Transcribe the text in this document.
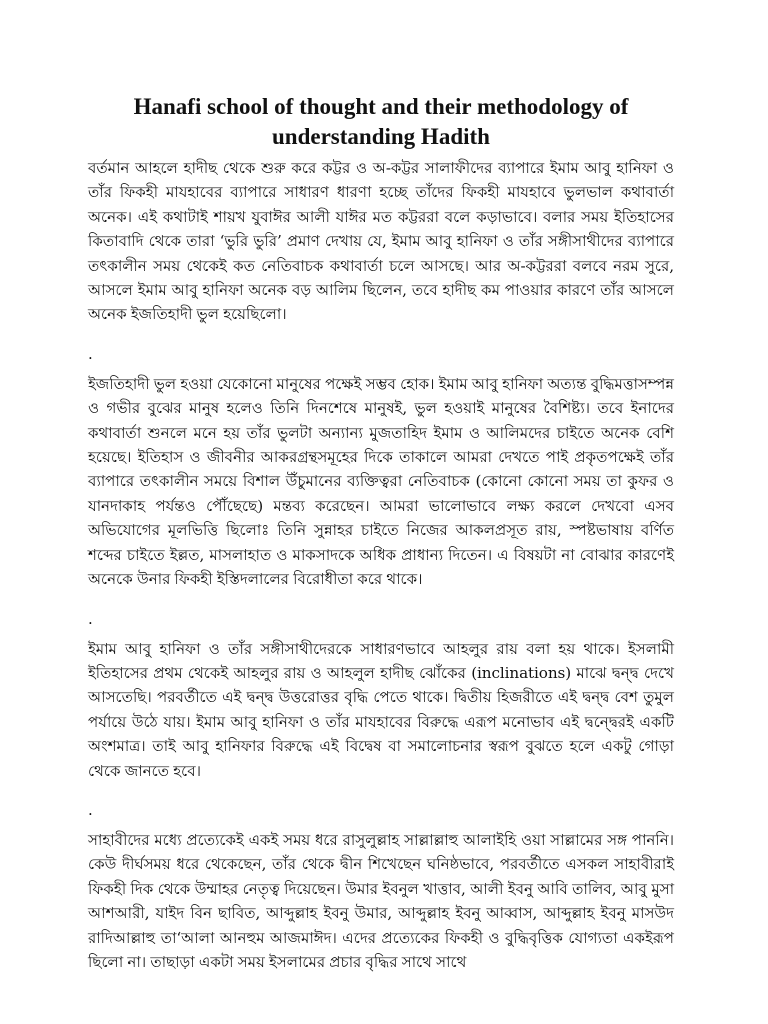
Hanafi school of thought and their methodology of understanding Hadith

বর্তমান আহলে হাদীছ থেকে শুরু করে কট্টর ও অ-কট্টর সালাফীদের ব্যাপারে ইমাম আবু হানিফা ও তাঁর ফিকহী মাযহাবের ব্যাপারে সাধারণ ধারণা হচ্ছে তাঁদের ফিকহী মাযহাবে ভুলভাল কথাবার্তা অনেক। এই কথাটাই শায়খ যুবাঈর আলী যাঈর মত কট্টররা বলে কড়াভাবে। বলার সময় ইতিহাসের কিতাবাদি থেকে তারা ‘ভুরি ভুরি’ প্রমাণ দেখায় যে, ইমাম আবু হানিফা ও তাঁর সঙ্গীসাথীদের ব্যাপারে তৎকালীন সময় থেকেই কত নেতিবাচক কথাবার্তা চলে আসছে। আর অ-কট্টররা বলবে নরম সুরে, আসলে ইমাম আবু হানিফা অনেক বড় আলিম ছিলেন, তবে হাদীছ কম পাওয়ার কারণে তাঁর আসলে অনেক ইজতিহাদী ভুল হয়েছিলো।

.

ইজতিহাদী ভুল হওয়া যেকোনো মানুষের পক্ষেই সম্ভব হোক। ইমাম আবু হানিফা অত্যন্ত বুদ্ধিমত্তাসম্পন্ন ও গভীর বুঝের মানুষ হলেও তিনি দিনশেষে মানুষই, ভুল হওয়াই মানুষের বৈশিষ্ট্য। তবে ইনাদের কথাবার্তা শুনলে মনে হয় তাঁর ভুলটা অন্যান্য মুজতাহিদ ইমাম ও আলিমদের চাইতে অনেক বেশি হয়েছে। ইতিহাস ও জীবনীর আকরগ্রন্থসমূহের দিকে তাকালে আমরা দেখতে পাই প্রকৃতপক্ষেই তাঁর ব্যাপারে তৎকালীন সময়ে বিশাল উঁচুমানের ব্যক্তিত্বরা নেতিবাচক (কোনো কোনো সময় তা কুফর ও যানদাকাহ পর্যন্তও পৌঁছেছে) মন্তব্য করেছেন। আমরা ভালোভাবে লক্ষ্য করলে দেখবো এসব অভিযোগের মূলভিত্তি ছিলোঃ তিনি সুন্নাহর চাইতে নিজের আকলপ্রসূত রায়, স্পষ্টভাষায় বর্ণিত শব্দের চাইতে ইল্লত, মাসলাহাত ও মাকসাদকে অধিক প্রাধান্য দিতেন। এ বিষয়টা না বোঝার কারণেই অনেকে উনার ফিকহী ইস্তিদলালের বিরোধীতা করে থাকে।

.

ইমাম আবু হানিফা ও তাঁর সঙ্গীসাথীদেরকে সাধারণভাবে আহলুর রায় বলা হয় থাকে। ইসলামী ইতিহাসের প্রথম থেকেই আহলুর রায় ও আহলুল হাদীছ ঝোঁকের (inclinations) মাঝে দ্বন্দ্ব দেখে আসতেছি। পরবর্তীতে এই দ্বন্দ্ব উত্তরোত্তর বৃদ্ধি পেতে থাকে। দ্বিতীয় হিজরীতে এই দ্বন্দ্ব বেশ তুমুল পর্যায়ে উঠে যায়। ইমাম আবু হানিফা ও তাঁর মাযহাবের বিরুদ্ধে এরূপ মনোভাব এই দ্বন্দ্বেরই একটি অংশমাত্র। তাই আবু হানিফার বিরুদ্ধে এই বিদ্বেষ বা সমালোচনার স্বরূপ বুঝতে হলে একটু গোড়া থেকে জানতে হবে।

.

সাহাবীদের মধ্যে প্রত্যেকেই একই সময় ধরে রাসুলুল্লাহ সাল্লাল্লাহু আলাইহি ওয়া সাল্লামের সঙ্গ পাননি। কেউ দীর্ঘসময় ধরে থেকেছেন, তাঁর থেকে দ্বীন শিখেছেন ঘনিষ্ঠভাবে, পরবর্তীতে এসকল সাহাবীরাই ফিকহী দিক থেকে উম্মাহর নেতৃত্ব দিয়েছেন। উমার ইবনুল খাত্তাব, আলী ইবনু আবি তালিব, আবু মুসা আশআরী, যাইদ বিন ছাবিত, আব্দুল্লাহ ইবনু উমার, আব্দুল্লাহ ইবনু আব্বাস, আব্দুল্লাহ ইবনু মাসউদ রাদিআল্লাহু তা‘আলা আনহুম আজমাঈদ। এদের প্রত্যেকের ফিকহী ও বুদ্ধিবৃত্তিক যোগ্যতা একইরূপ ছিলো না। তাছাড়া একটা সময় ইসলামের প্রচার বৃদ্ধির সাথে সাথে
